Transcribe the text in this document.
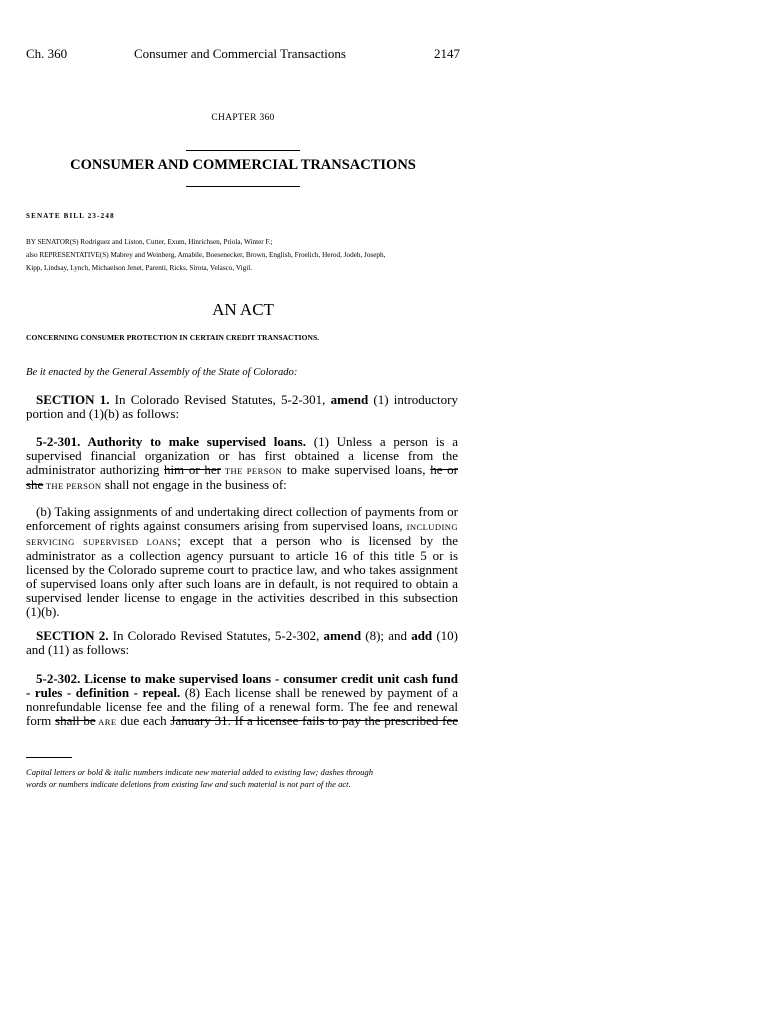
Ch. 360	Consumer and Commercial Transactions	2147
CHAPTER 360
CONSUMER AND COMMERCIAL TRANSACTIONS
SENATE BILL 23-248
BY SENATOR(S) Rodriguez and Liston, Cutter, Exum, Hinrichsen, Priola, Winter F.;
also REPRESENTATIVE(S) Mabrey and Weinberg, Amabile, Boesenecker, Brown, English, Froelich, Herod, Jodeh, Joseph,
Kipp, Lindsay, Lynch, Michaelson Jenet, Parenti, Ricks, Sirota, Velasco, Vigil.
AN ACT
CONCERNING CONSUMER PROTECTION IN CERTAIN CREDIT TRANSACTIONS.
Be it enacted by the General Assembly of the State of Colorado:
SECTION 1. In Colorado Revised Statutes, 5-2-301, amend (1) introductory
portion and (1)(b) as follows:
5-2-301. Authority to make supervised loans. (1) Unless a person is a
supervised financial organization or has first obtained a license from the
administrator authorizing him or her THE PERSON to make supervised loans, he or
she THE PERSON shall not engage in the business of:
(b) Taking assignments of and undertaking direct collection of payments from or
enforcement of rights against consumers arising from supervised loans, INCLUDING
SERVICING SUPERVISED LOANS; except that a person who is licensed by the
administrator as a collection agency pursuant to article 16 of this title 5 or is
licensed by the Colorado supreme court to practice law, and who takes assignment
of supervised loans only after such loans are in default, is not required to obtain a
supervised lender license to engage in the activities described in this subsection
(1)(b).
SECTION 2. In Colorado Revised Statutes, 5-2-302, amend (8); and add (10)
and (11) as follows:
5-2-302. License to make supervised loans - consumer credit unit cash fund
- rules - definition - repeal. (8) Each license shall be renewed by payment of a
nonrefundable license fee and the filing of a renewal form. The fee and renewal
form shall be ARE due each January 31. If a licensee fails to pay the prescribed fee
Capital letters or bold & italic numbers indicate new material added to existing law; dashes through
words or numbers indicate deletions from existing law and such material is not part of the act.
